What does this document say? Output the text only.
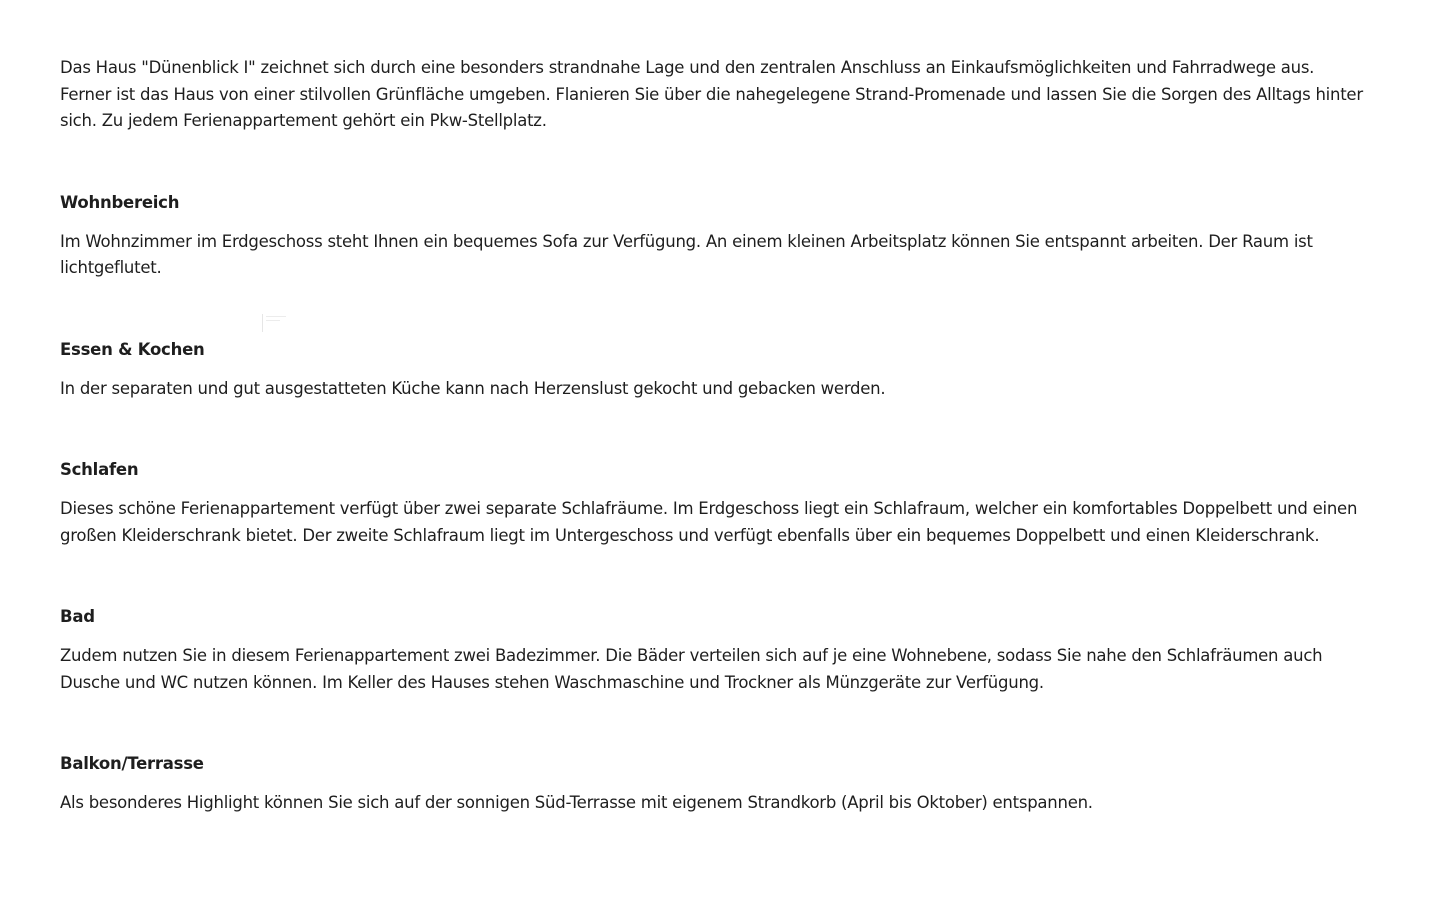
Das Haus "Dünenblick I" zeichnet sich durch eine besonders strandnahe Lage und den zentralen Anschluss an Einkaufsmöglichkeiten und Fahrradwege aus. Ferner ist das Haus von einer stilvollen Grünfläche umgeben. Flanieren Sie über die nahegelegene Strand-Promenade und lassen Sie die Sorgen des Alltags hinter sich. Zu jedem Ferienappartement gehört ein Pkw-Stellplatz.

Wohnbereich

Im Wohnzimmer im Erdgeschoss steht Ihnen ein bequemes Sofa zur Verfügung. An einem kleinen Arbeitsplatz können Sie entspannt arbeiten. Der Raum ist lichtgeflutet.

Essen & Kochen

In der separaten und gut ausgestatteten Küche kann nach Herzenslust gekocht und gebacken werden.

Schlafen

Dieses schöne Ferienappartement verfügt über zwei separate Schlafräume. Im Erdgeschoss liegt ein Schlafraum, welcher ein komfortables Doppelbett und einen großen Kleiderschrank bietet. Der zweite Schlafraum liegt im Untergeschoss und verfügt ebenfalls über ein bequemes Doppelbett und einen Kleiderschrank.

Bad

Zudem nutzen Sie in diesem Ferienappartement zwei Badezimmer. Die Bäder verteilen sich auf je eine Wohnebene, sodass Sie nahe den Schlafräumen auch Dusche und WC nutzen können. Im Keller des Hauses stehen Waschmaschine und Trockner als Münzgeräte zur Verfügung.

Balkon/Terrasse

Als besonderes Highlight können Sie sich auf der sonnigen Süd-Terrasse mit eigenem Strandkorb (April bis Oktober) entspannen.
